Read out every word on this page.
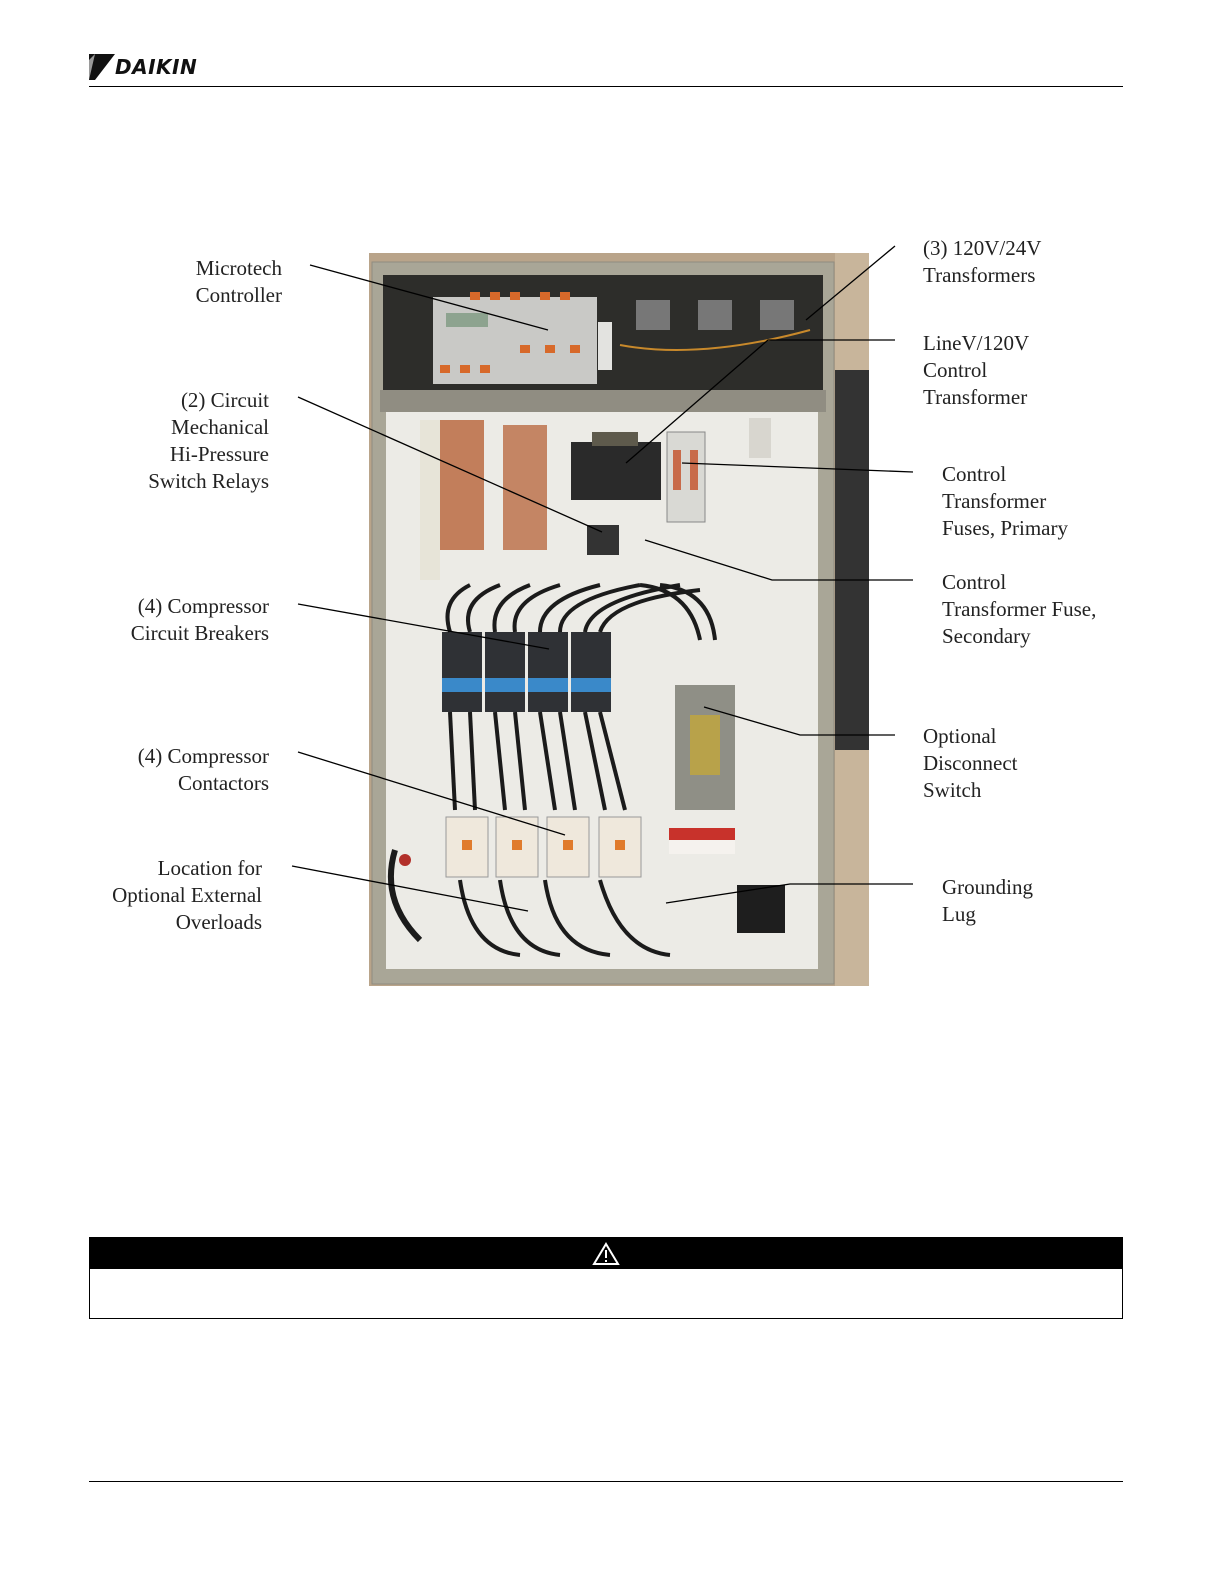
DAIKIN
Microtech
Controller
(2) Circuit
Mechanical
Hi-Pressure
Switch Relays
(4) Compressor
Circuit Breakers
(4) Compressor
Contactors
Location for
Optional External
Overloads
(3) 120V/24V
Transformers
LineV/120V
Control
Transformer
Control
Transformer
Fuses, Primary
Control
Transformer Fuse,
Secondary
Optional
Disconnect
Switch
Grounding
Lug
